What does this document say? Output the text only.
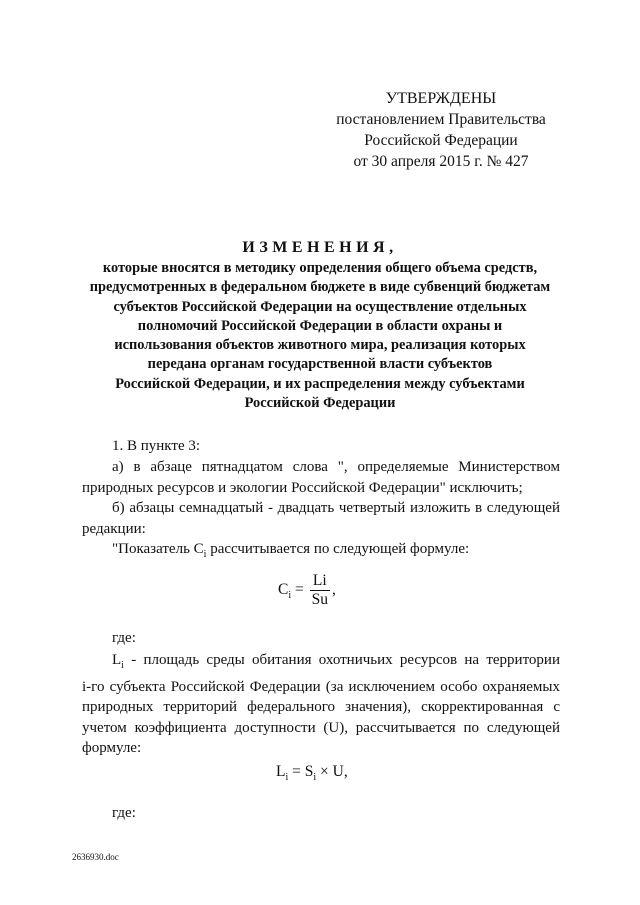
УТВЕРЖДЕНЫ
постановлением Правительства
Российской Федерации
от 30 апреля 2015 г. № 427
ИЗМЕНЕНИЯ,
которые вносятся в методику определения общего объема средств,
предусмотренных в федеральном бюджете в виде субвенций бюджетам
субъектов Российской Федерации на осуществление отдельных
полномочий Российской Федерации в области охраны и
использования объектов животного мира, реализация которых
передана органам государственной власти субъектов
Российской Федерации, и их распределения между субъектами
Российской Федерации
1. В пункте 3:
а) в абзаце пятнадцатом слова ", определяемые Министерством
природных ресурсов и экологии Российской Федерации" исключить;
б) абзацы семнадцатый - двадцать четвертый изложить в следующей
редакции:
"Показатель $С_i$ рассчитывается по следующей формуле:
$C_i = \frac{Li}{Su}$ ,
где:
$L_i$ - площадь среды обитания охотничьих ресурсов на территории
i-го субъекта Российской Федерации (за исключением особо охраняемых
природных территорий федерального значения), скорректированная с
учетом коэффициента доступности (U), рассчитывается по следующей
формуле:
$L_i = S_i \times U$,
где:
2636930.doc
